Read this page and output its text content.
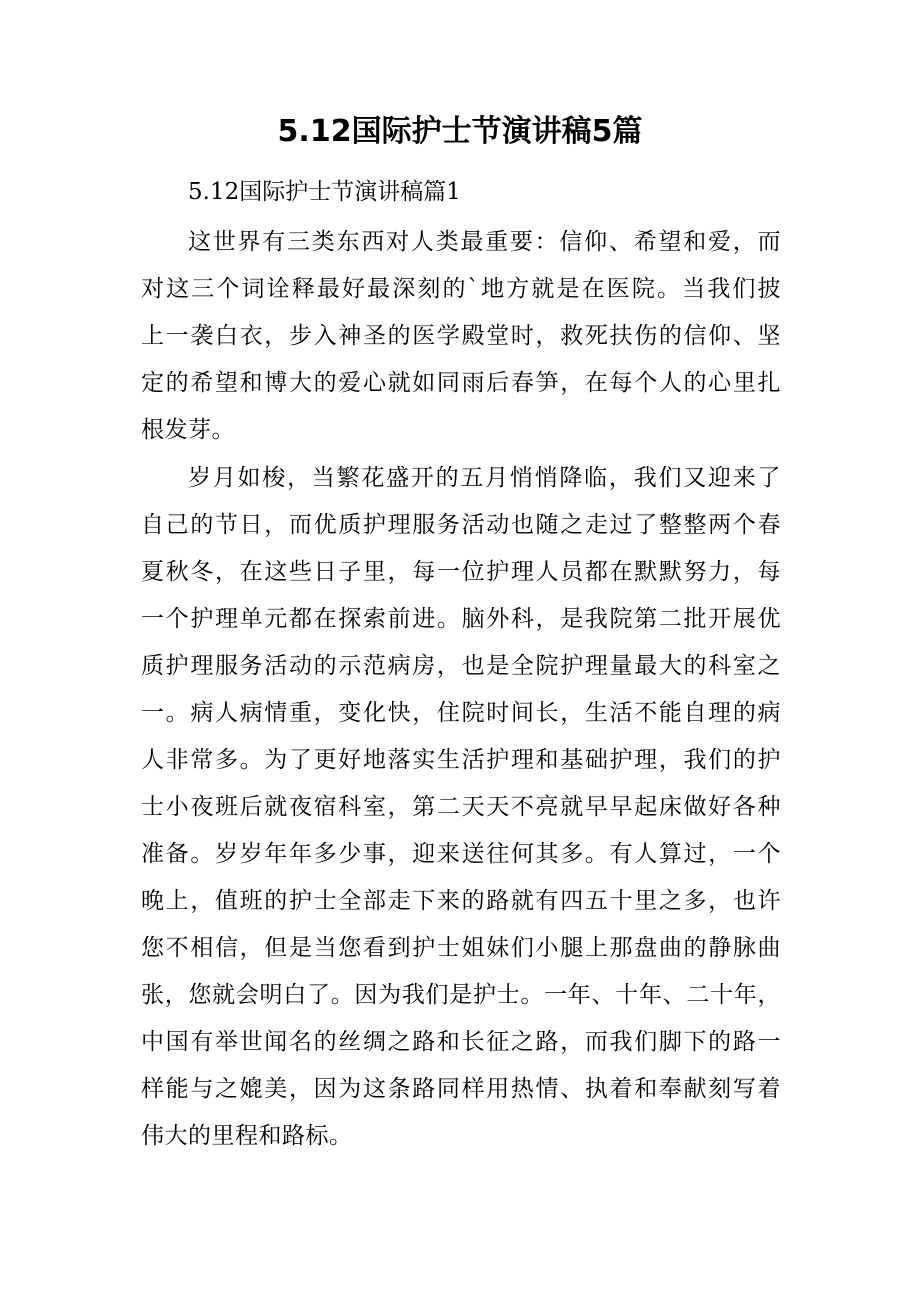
5.12国际护士节演讲稿5篇
5.12国际护士节演讲稿篇1
这世界有三类东西对人类最重要：信仰、希望和爱，而
对这三个词诠释最好最深刻的`地方就是在医院。当我们披
上一袭白衣，步入神圣的医学殿堂时，救死扶伤的信仰、坚
定的希望和博大的爱心就如同雨后春笋，在每个人的心里扎
根发芽。
岁月如梭，当繁花盛开的五月悄悄降临，我们又迎来了
自己的节日，而优质护理服务活动也随之走过了整整两个春
夏秋冬，在这些日子里，每一位护理人员都在默默努力，每
一个护理单元都在探索前进。脑外科，是我院第二批开展优
质护理服务活动的示范病房，也是全院护理量最大的科室之
一。病人病情重，变化快，住院时间长，生活不能自理的病
人非常多。为了更好地落实生活护理和基础护理，我们的护
士小夜班后就夜宿科室，第二天天不亮就早早起床做好各种
准备。岁岁年年多少事，迎来送往何其多。有人算过，一个
晚上，值班的护士全部走下来的路就有四五十里之多，也许
您不相信，但是当您看到护士姐妹们小腿上那盘曲的静脉曲
张，您就会明白了。因为我们是护士。一年、十年、二十年，
中国有举世闻名的丝绸之路和长征之路，而我们脚下的路一
样能与之媲美，因为这条路同样用热情、执着和奉献刻写着
伟大的里程和路标。
